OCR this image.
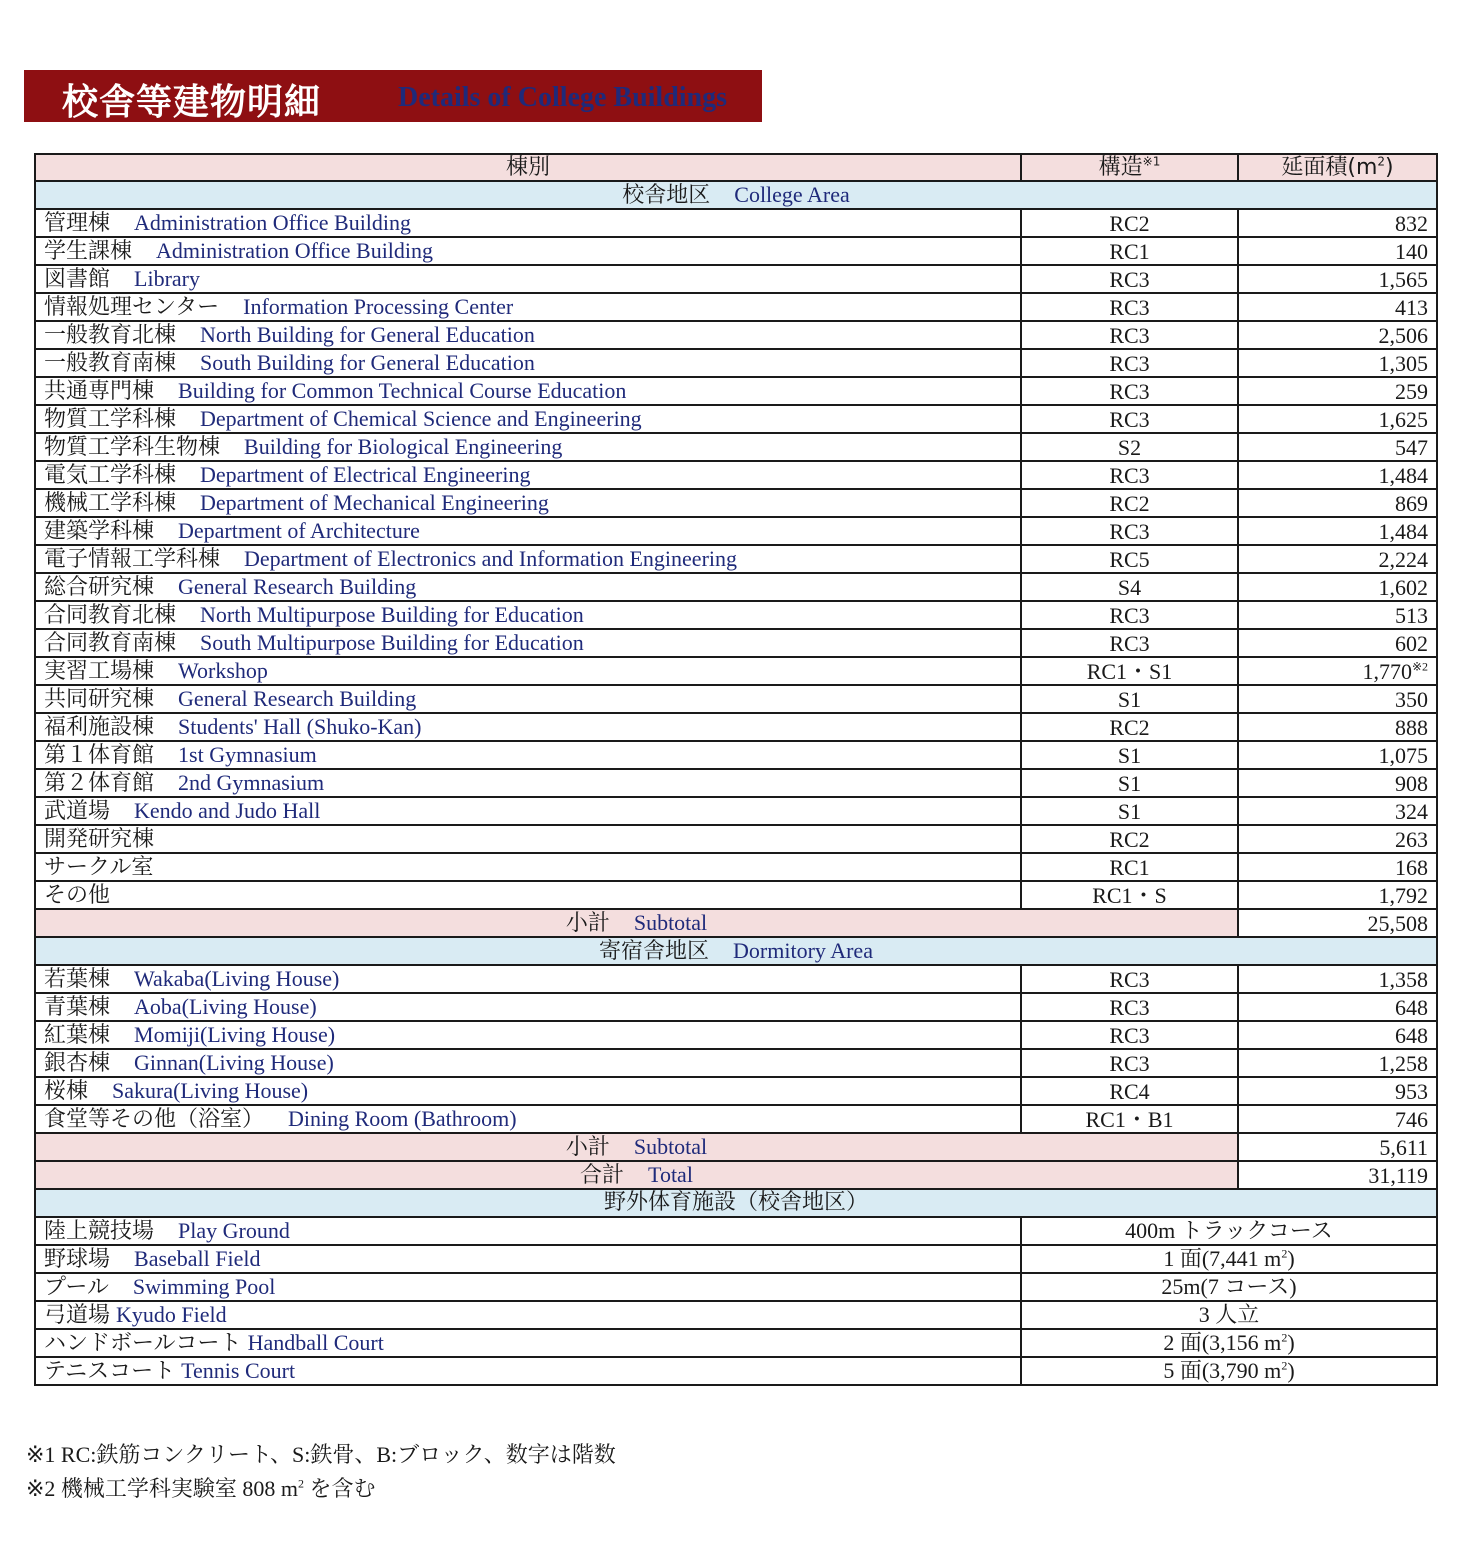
校舎等建物明細	Details of College Buildings
棟別	構造$^{※1}$	延面積$(m^2)$
校舎地区 College Area		
管理棟 Administration Office Building	RC2	832
学生課棟 Administration Office Building	RC1	140
図書館 Library	RC3	1,565
情報処理センター Information Processing Center	RC3	413
一般教育北棟 North Building for General Education	RC3	2,506
一般教育南棟 South Building for General Education	RC3	1,305
共通専門棟 Building for Common Technical Course Education	RC3	259
物質工学科棟 Department of Chemical Science and Engineering	RC3	1,625
物質工学科生物棟 Building for Biological Engineering	S2	547
電気工学科棟 Department of Electrical Engineering	RC3	1,484
機械工学科棟 Department of Mechanical Engineering	RC2	869
建築学科棟 Department of Architecture	RC3	1,484
電子情報工学科棟 Department of Electronics and Information Engineering	RC5	2,224
総合研究棟 General Research Building	S4	1,602
合同教育北棟 North Multipurpose Building for Education	RC3	513
合同教育南棟 South Multipurpose Building for Education	RC3	602
実習工場棟 Workshop	RC1・S1	1,770$^{※2}$
共同研究棟 General Research Building	S1	350
福利施設棟 Students' Hall (Shuko-Kan)	RC2	888
第１体育館 1st Gymnasium	S1	1,075
第２体育館 2nd Gymnasium	S1	908
武道場 Kendo and Judo Hall	S1	324
開発研究棟	RC2	263
サークル室	RC1	168
その他	RC1・S	1,792
小計 Subtotal		25,508
寄宿舎地区 Dormitory Area		
若葉棟 Wakaba(Living House)	RC3	1,358
青葉棟 Aoba(Living House)	RC3	648
紅葉棟 Momiji(Living House)	RC3	648
銀杏棟 Ginnan(Living House)	RC3	1,258
桜棟 Sakura(Living House)	RC4	953
食堂等その他（浴室） Dining Room (Bathroom)	RC1・B1	746
小計 Subtotal		5,611
合計 Total		31,119
野外体育施設（校舎地区）		
陸上競技場 Play Ground	400m トラックコース	
野球場 Baseball Field	1 面(7,441 $m^2$)	
プール Swimming Pool	25m(7 コース)	
弓道場 Kyudo Field	3 人立	
ハンドボールコート Handball Court	2 面(3,156 $m^2$)	
テニスコート Tennis Court	5 面(3,790 $m^2$)	
※1 RC:鉄筋コンクリート、S:鉄骨、B:ブロック、数字は階数
※2 機械工学科実験室 808 $m^2$ を含む
